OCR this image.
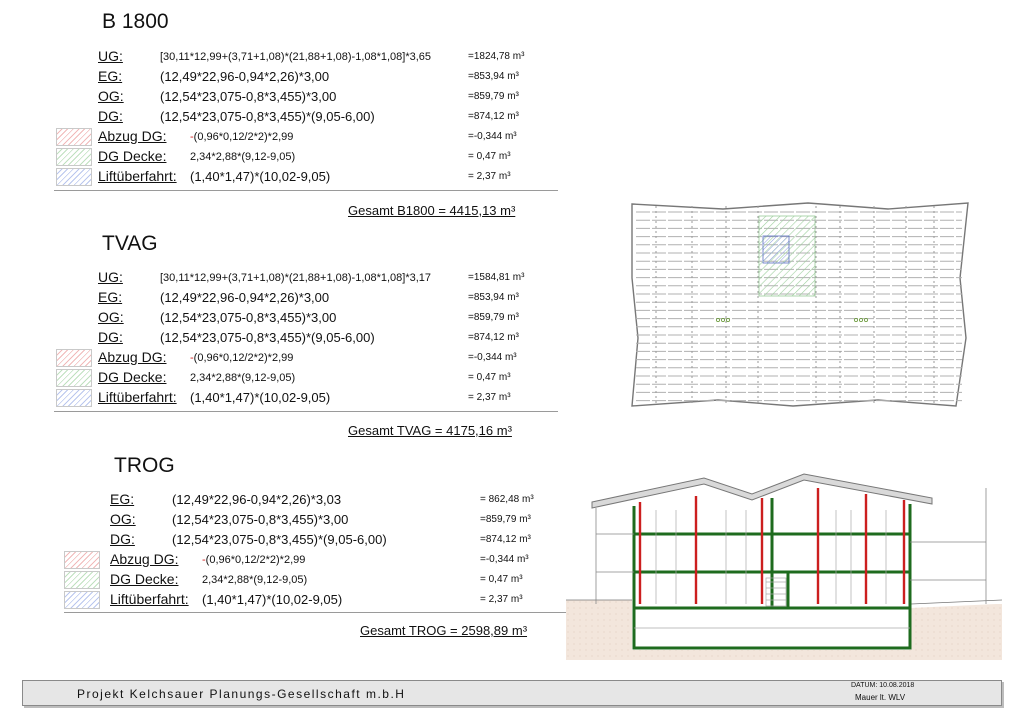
B 1800
UG:	[30,11*12,99+(3,71+1,08)*(21,88+1,08)-1,08*1,08]*3,65	=1824,78 m³
EG:	(12,49*22,96-0,94*2,26)*3,00	=853,94 m³
OG:	(12,54*23,075-0,8*3,455)*3,00	=859,79 m³
DG:	(12,54*23,075-0,8*3,455)*(9,05-6,00)	=874,12 m³
Abzug DG: -(0,96*0,12/2*2)*2,99	=-0,344 m³
DG Decke: 2,34*2,88*(9,12-9,05)	= 0,47 m³
Liftüberfahrt: (1,40*1,47)*(10,02-9,05)	= 2,37 m³
Gesamt B1800 = 4415,13 m³
TVAG
UG:	[30,11*12,99+(3,71+1,08)*(21,88+1,08)-1,08*1,08]*3,17	=1584,81 m³
EG:	(12,49*22,96-0,94*2,26)*3,00	=853,94 m³
OG:	(12,54*23,075-0,8*3,455)*3,00	=859,79 m³
DG:	(12,54*23,075-0,8*3,455)*(9,05-6,00)	=874,12 m³
Abzug DG: -(0,96*0,12/2*2)*2,99	=-0,344 m³
DG Decke: 2,34*2,88*(9,12-9,05)	= 0,47 m³
Liftüberfahrt: (1,40*1,47)*(10,02-9,05)	= 2,37 m³
Gesamt TVAG = 4175,16 m³
TROG
EG:	(12,49*22,96-0,94*2,26)*3,03	= 862,48 m³
OG:	(12,54*23,075-0,8*3,455)*3,00	=859,79 m³
DG:	(12,54*23,075-0,8*3,455)*(9,05-6,00)	=874,12 m³
Abzug DG: -(0,96*0,12/2*2)*2,99	=-0,344 m³
DG Decke: 2,34*2,88*(9,12-9,05)	= 0,47 m³
Liftüberfahrt: (1,40*1,47)*(10,02-9,05)	= 2,37 m³
Gesamt TROG = 2598,89 m³
Projekt Kelchsauer Planungs-Gesellschaft m.b.H
DATUM: 10.08.2018
Mauer lt. WLV
